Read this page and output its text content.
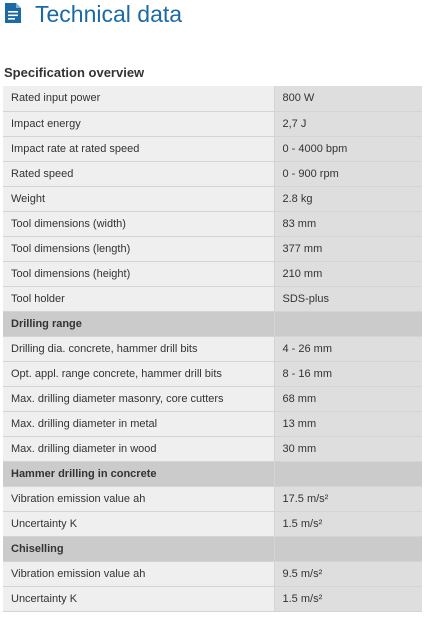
Technical data
Specification overview
Rated input power	800 W
Impact energy	2,7 J
Impact rate at rated speed	0 - 4000 bpm
Rated speed	0 - 900 rpm
Weight	2.8 kg
Tool dimensions (width)	83 mm
Tool dimensions (length)	377 mm
Tool dimensions (height)	210 mm
Tool holder	SDS-plus
Drilling range	
Drilling dia. concrete, hammer drill bits	4 - 26 mm
Opt. appl. range concrete, hammer drill bits	8 - 16 mm
Max. drilling diameter masonry, core cutters	68 mm
Max. drilling diameter in metal	13 mm
Max. drilling diameter in wood	30 mm
Hammer drilling in concrete	
Vibration emission value ah	17.5 m/s²
Uncertainty K	1.5 m/s²
Chiselling	
Vibration emission value ah	9.5 m/s²
Uncertainty K	1.5 m/s²
